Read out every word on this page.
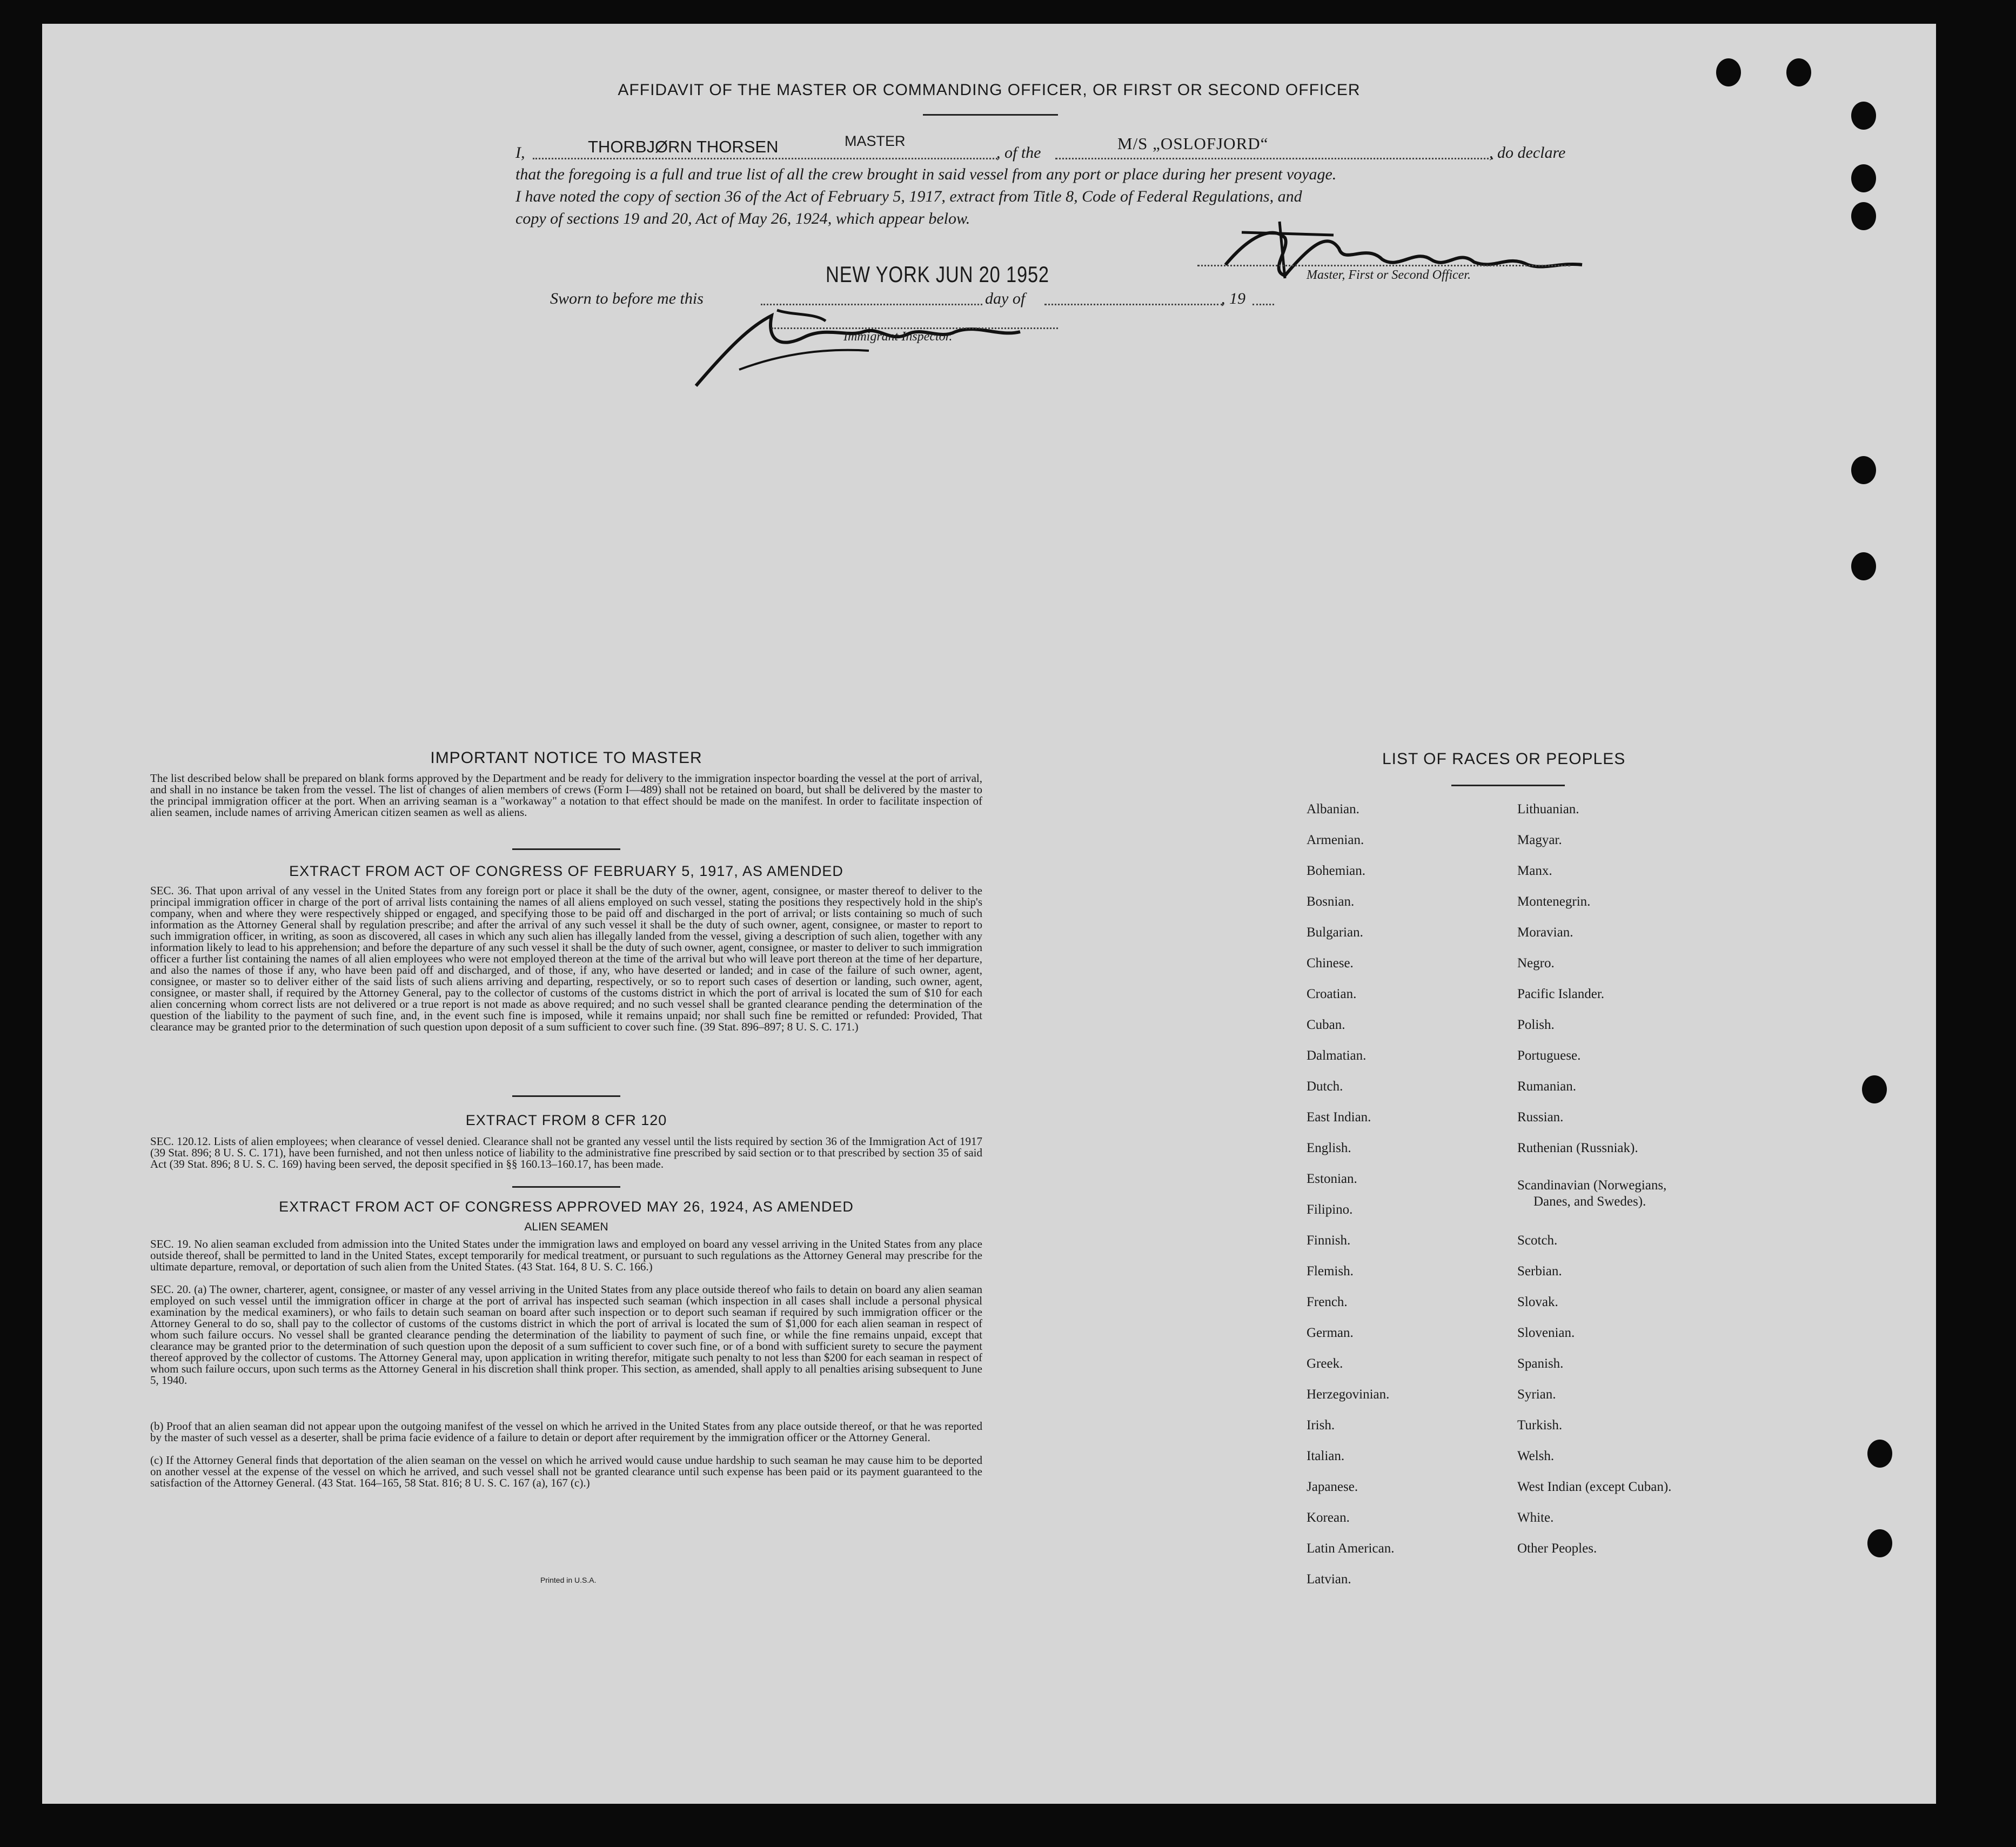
AFFIDAVIT OF THE MASTER OR COMMANDING OFFICER, OR FIRST OR SECOND OFFICER
I,	THORBJØRN THORSEN	MASTER
, of the	M/S „OSLOFJORD“	, do declare
that the foregoing is a full and true list of all the crew brought in said vessel from any port or place during her present voyage.
I have noted the copy of section 36 of the Act of February 5, 1917, extract from Title 8, Code of Federal Regulations, and
copy of sections 19 and 20, Act of May 26, 1924, which appear below.
Master, First or Second Officer.
NEW YORK JUN 20 1952
Sworn to before me this	day of	, 19
Immigrant Inspector.
IMPORTANT NOTICE TO MASTER
The list described below shall be prepared on blank forms approved by the Department and be ready for delivery to the immigration inspector boarding the vessel at the port of arrival, and shall in no instance be taken from the vessel. The list of changes of alien members of crews (Form I—489) shall not be retained on board, but shall be delivered by the master to the principal immigration officer at the port. When an arriving seaman is a "workaway" a notation to that effect should be made on the manifest. In order to facilitate inspection of alien seamen, include names of arriving American citizen seamen as well as aliens.
EXTRACT FROM ACT OF CONGRESS OF FEBRUARY 5, 1917, AS AMENDED
SEC. 36. That upon arrival of any vessel in the United States from any foreign port or place it shall be the duty of the owner, agent, consignee, or master thereof to deliver to the principal immigration officer in charge of the port of arrival lists containing the names of all aliens employed on such vessel, stating the positions they respectively hold in the ship's company, when and where they were respectively shipped or engaged, and specifying those to be paid off and discharged in the port of arrival; or lists containing so much of such information as the Attorney General shall by regulation prescribe; and after the arrival of any such vessel it shall be the duty of such owner, agent, consignee, or master to report to such immigration officer, in writing, as soon as discovered, all cases in which any such alien has illegally landed from the vessel, giving a description of such alien, together with any information likely to lead to his apprehension; and before the departure of any such vessel it shall be the duty of such owner, agent, consignee, or master to deliver to such immigration officer a further list containing the names of all alien employees who were not employed thereon at the time of the arrival but who will leave port thereon at the time of her departure, and also the names of those if any, who have been paid off and discharged, and of those, if any, who have deserted or landed; and in case of the failure of such owner, agent, consignee, or master so to deliver either of the said lists of such aliens arriving and departing, respectively, or so to report such cases of desertion or landing, such owner, agent, consignee, or master shall, if required by the Attorney General, pay to the collector of customs of the customs district in which the port of arrival is located the sum of $10 for each alien concerning whom correct lists are not delivered or a true report is not made as above required; and no such vessel shall be granted clearance pending the determination of the question of the liability to the payment of such fine, and, in the event such fine is imposed, while it remains unpaid; nor shall such fine be remitted or refunded: Provided, That clearance may be granted prior to the determination of such question upon deposit of a sum sufficient to cover such fine. (39 Stat. 896–897; 8 U. S. C. 171.)
EXTRACT FROM 8 CFR 120
SEC. 120.12. Lists of alien employees; when clearance of vessel denied. Clearance shall not be granted any vessel until the lists required by section 36 of the Immigration Act of 1917 (39 Stat. 896; 8 U. S. C. 171), have been furnished, and not then unless notice of liability to the administrative fine prescribed by said section or to that prescribed by section 35 of said Act (39 Stat. 896; 8 U. S. C. 169) having been served, the deposit specified in §§ 160.13–160.17, has been made.
EXTRACT FROM ACT OF CONGRESS APPROVED MAY 26, 1924, AS AMENDED
ALIEN SEAMEN
SEC. 19. No alien seaman excluded from admission into the United States under the immigration laws and employed on board any vessel arriving in the United States from any place outside thereof, shall be permitted to land in the United States, except temporarily for medical treatment, or pursuant to such regulations as the Attorney General may prescribe for the ultimate departure, removal, or deportation of such alien from the United States. (43 Stat. 164, 8 U. S. C. 166.)
SEC. 20. (a) The owner, charterer, agent, consignee, or master of any vessel arriving in the United States from any place outside thereof who fails to detain on board any alien seaman employed on such vessel until the immigration officer in charge at the port of arrival has inspected such seaman (which inspection in all cases shall include a personal physical examination by the medical examiners), or who fails to detain such seaman on board after such inspection or to deport such seaman if required by such immigration officer or the Attorney General to do so, shall pay to the collector of customs of the customs district in which the port of arrival is located the sum of $1,000 for each alien seaman in respect of whom such failure occurs. No vessel shall be granted clearance pending the determination of the liability to payment of such fine, or while the fine remains unpaid, except that clearance may be granted prior to the determination of such question upon the deposit of a sum sufficient to cover such fine, or of a bond with sufficient surety to secure the payment thereof approved by the collector of customs. The Attorney General may, upon application in writing therefor, mitigate such penalty to not less than $200 for each seaman in respect of whom such failure occurs, upon such terms as the Attorney General in his discretion shall think proper. This section, as amended, shall apply to all penalties arising subsequent to June 5, 1940.
(b) Proof that an alien seaman did not appear upon the outgoing manifest of the vessel on which he arrived in the United States from any place outside thereof, or that he was reported by the master of such vessel as a deserter, shall be prima facie evidence of a failure to detain or deport after requirement by the immigration officer or the Attorney General.
(c) If the Attorney General finds that deportation of the alien seaman on the vessel on which he arrived would cause undue hardship to such seaman he may cause him to be deported on another vessel at the expense of the vessel on which he arrived, and such vessel shall not be granted clearance until such expense has been paid or its payment guaranteed to the satisfaction of the Attorney General. (43 Stat. 164–165, 58 Stat. 816; 8 U. S. C. 167 (a), 167 (c).)
Printed in U.S.A.
LIST OF RACES OR PEOPLES
Albanian.
Armenian.
Bohemian.
Bosnian.
Bulgarian.
Chinese.
Croatian.
Cuban.
Dalmatian.
Dutch.
East Indian.
English.
Estonian.
Filipino.
Finnish.
Flemish.
French.
German.
Greek.
Herzegovinian.
Irish.
Italian.
Japanese.
Korean.
Latin American.
Latvian.
Lithuanian.
Magyar.
Manx.
Montenegrin.
Moravian.
Negro.
Pacific Islander.
Polish.
Portuguese.
Rumanian.
Russian.
Ruthenian (Russniak).
Scandinavian (Norwegians,
Danes, and Swedes).
Scotch.
Serbian.
Slovak.
Slovenian.
Spanish.
Syrian.
Turkish.
Welsh.
West Indian (except Cuban).
White.
Other Peoples.
